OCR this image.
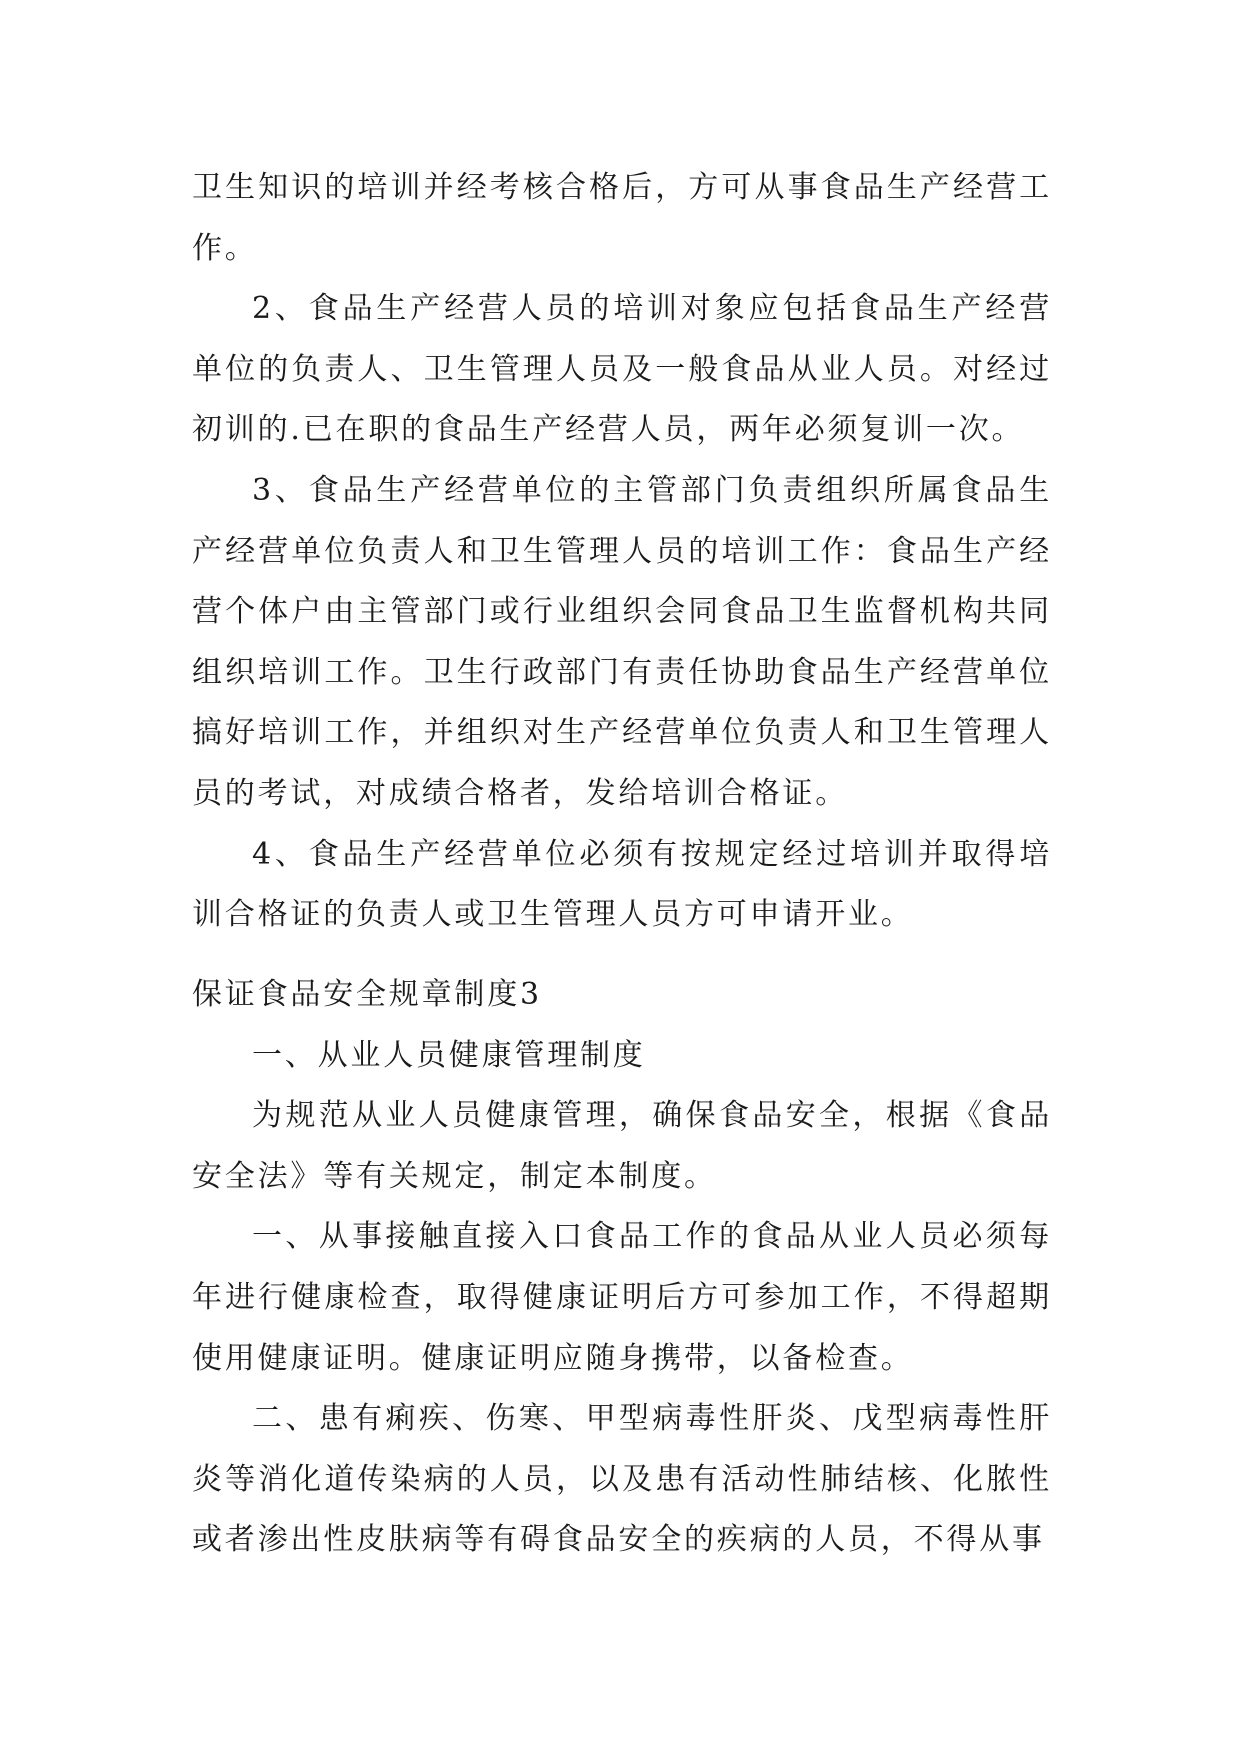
卫生知识的培训并经考核合格后，方可从事食品生产经营工作。

2、食品生产经营人员的培训对象应包括食品生产经营单位的负责人、卫生管理人员及一般食品从业人员。对经过初训的.已在职的食品生产经营人员，两年必须复训一次。

3、食品生产经营单位的主管部门负责组织所属食品生产经营单位负责人和卫生管理人员的培训工作：食品生产经营个体户由主管部门或行业组织会同食品卫生监督机构共同组织培训工作。卫生行政部门有责任协助食品生产经营单位搞好培训工作，并组织对生产经营单位负责人和卫生管理人员的考试，对成绩合格者，发给培训合格证。

4、食品生产经营单位必须有按规定经过培训并取得培训合格证的负责人或卫生管理人员方可申请开业。

保证食品安全规章制度3

一、从业人员健康管理制度

为规范从业人员健康管理，确保食品安全，根据《食品安全法》等有关规定，制定本制度。

一、从事接触直接入口食品工作的食品从业人员必须每年进行健康检查，取得健康证明后方可参加工作，不得超期使用健康证明。健康证明应随身携带，以备检查。

二、患有痢疾、伤寒、甲型病毒性肝炎、戊型病毒性肝炎等消化道传染病的人员，以及患有活动性肺结核、化脓性或者渗出性皮肤病等有碍食品安全的疾病的人员，不得从事
